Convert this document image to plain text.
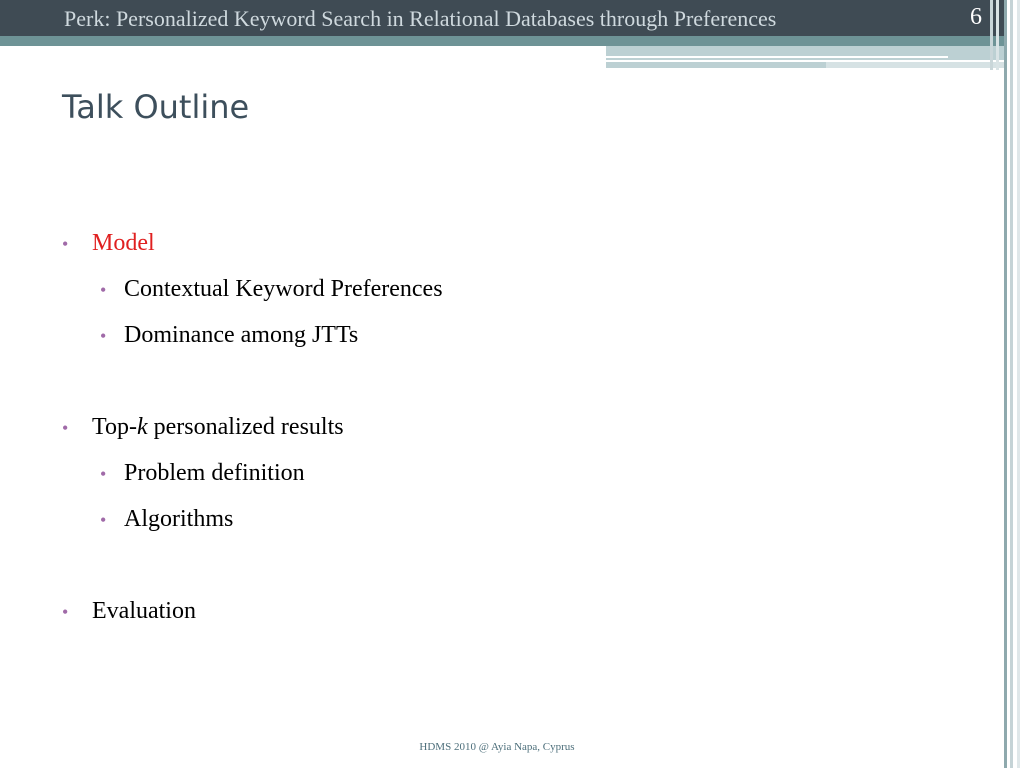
Perk: Personalized Keyword Search in Relational Databases through Preferences	6
Talk Outline
• Model
• Contextual Keyword Preferences
• Dominance among JTTs
• Top-k personalized results
• Problem definition
• Algorithms
• Evaluation
HDMS 2010 @ Ayia Napa, Cyprus
